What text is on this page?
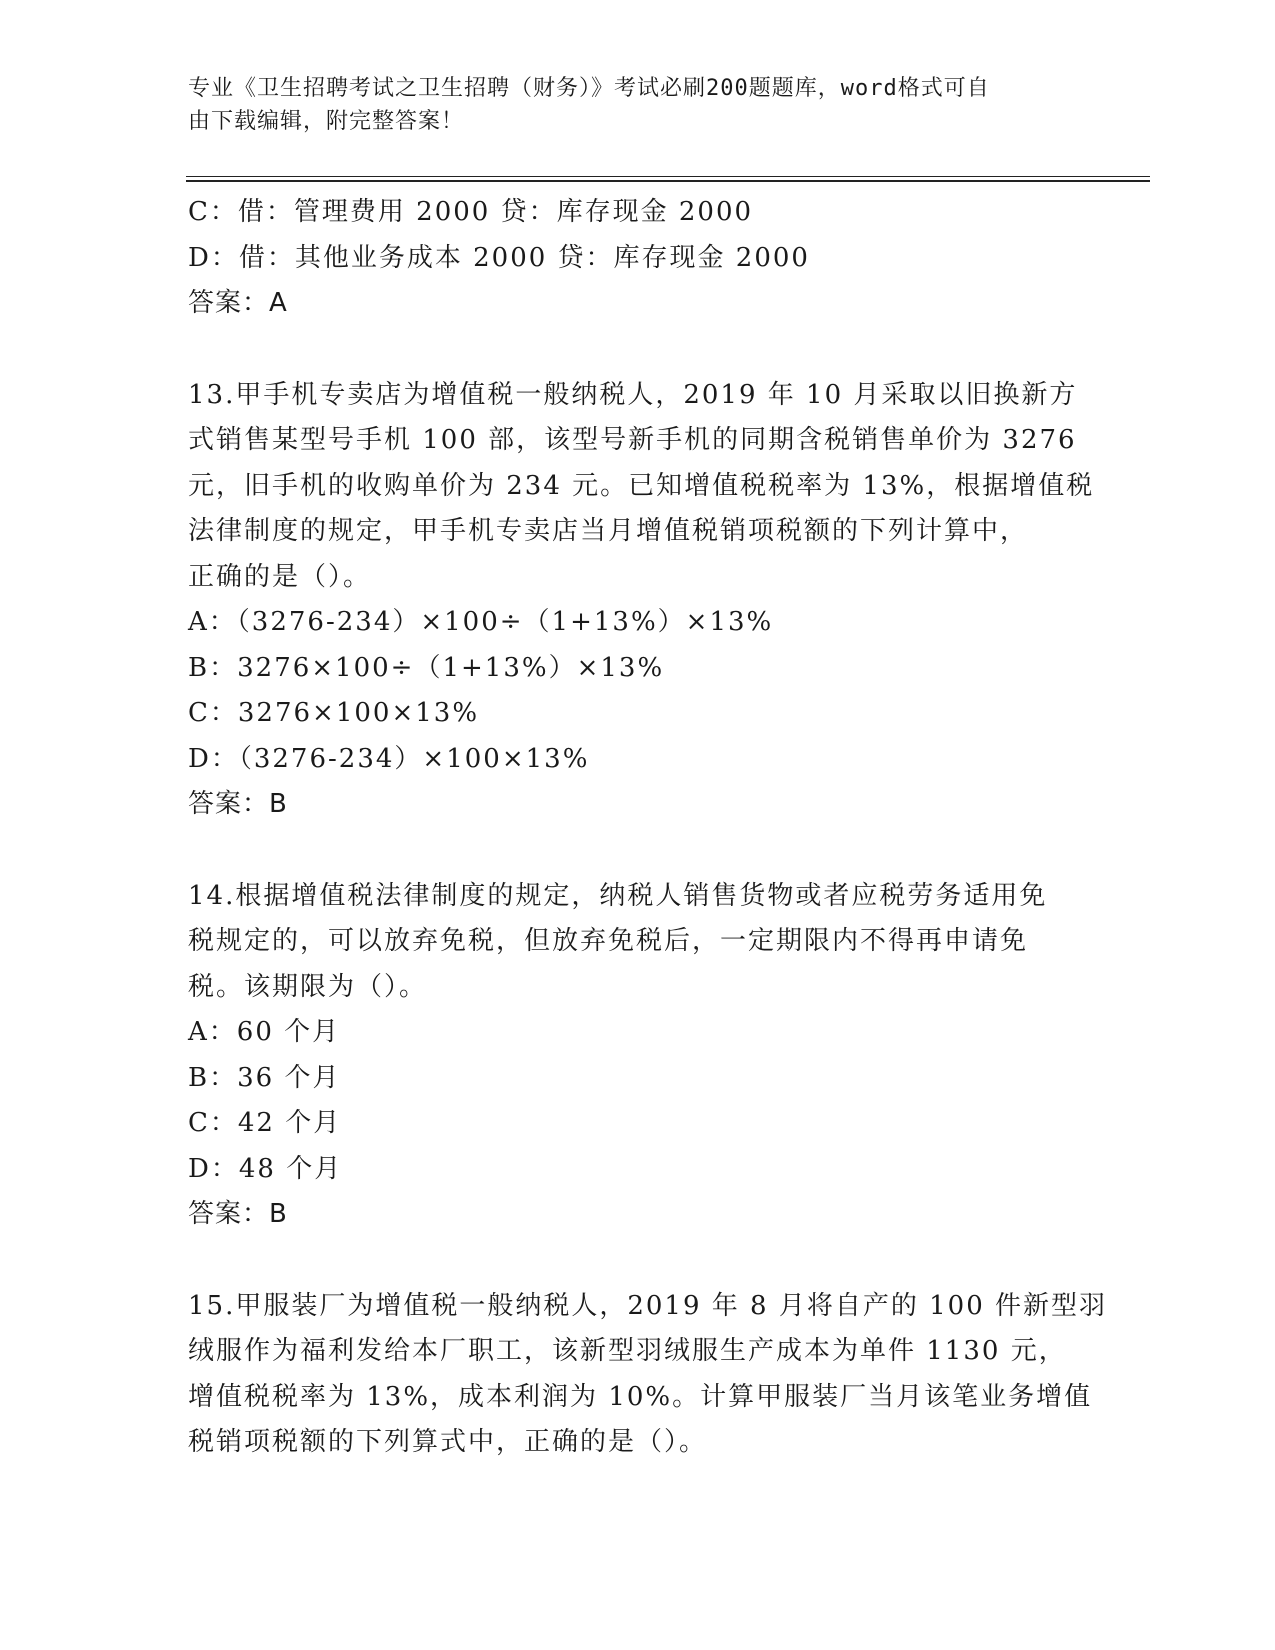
专业《卫生招聘考试之卫生招聘（财务）》考试必刷200题题库，word格式可自
由下载编辑，附完整答案！
C：借：管理费用 2000 贷：库存现金 2000
D：借：其他业务成本 2000 贷：库存现金 2000
答案：A
13.甲手机专卖店为增值税一般纳税人，2019 年 10 月采取以旧换新方
式销售某型号手机 100 部，该型号新手机的同期含税销售单价为 3276
元，旧手机的收购单价为 234 元。已知增值税税率为 13%，根据增值税
法律制度的规定，甲手机专卖店当月增值税销项税额的下列计算中，
正确的是（）。
A：（3276-234）×100÷（1+13%）×13%
B：3276×100÷（1+13%）×13%
C：3276×100×13%
D：（3276-234）×100×13%
答案：B
14.根据增值税法律制度的规定，纳税人销售货物或者应税劳务适用免
税规定的，可以放弃免税，但放弃免税后，一定期限内不得再申请免
税。该期限为（）。
A：60 个月
B：36 个月
C：42 个月
D：48 个月
答案：B
15.甲服装厂为增值税一般纳税人，2019 年 8 月将自产的 100 件新型羽
绒服作为福利发给本厂职工，该新型羽绒服生产成本为单件 1130 元，
增值税税率为 13%，成本利润为 10%。计算甲服装厂当月该笔业务增值
税销项税额的下列算式中，正确的是（）。
